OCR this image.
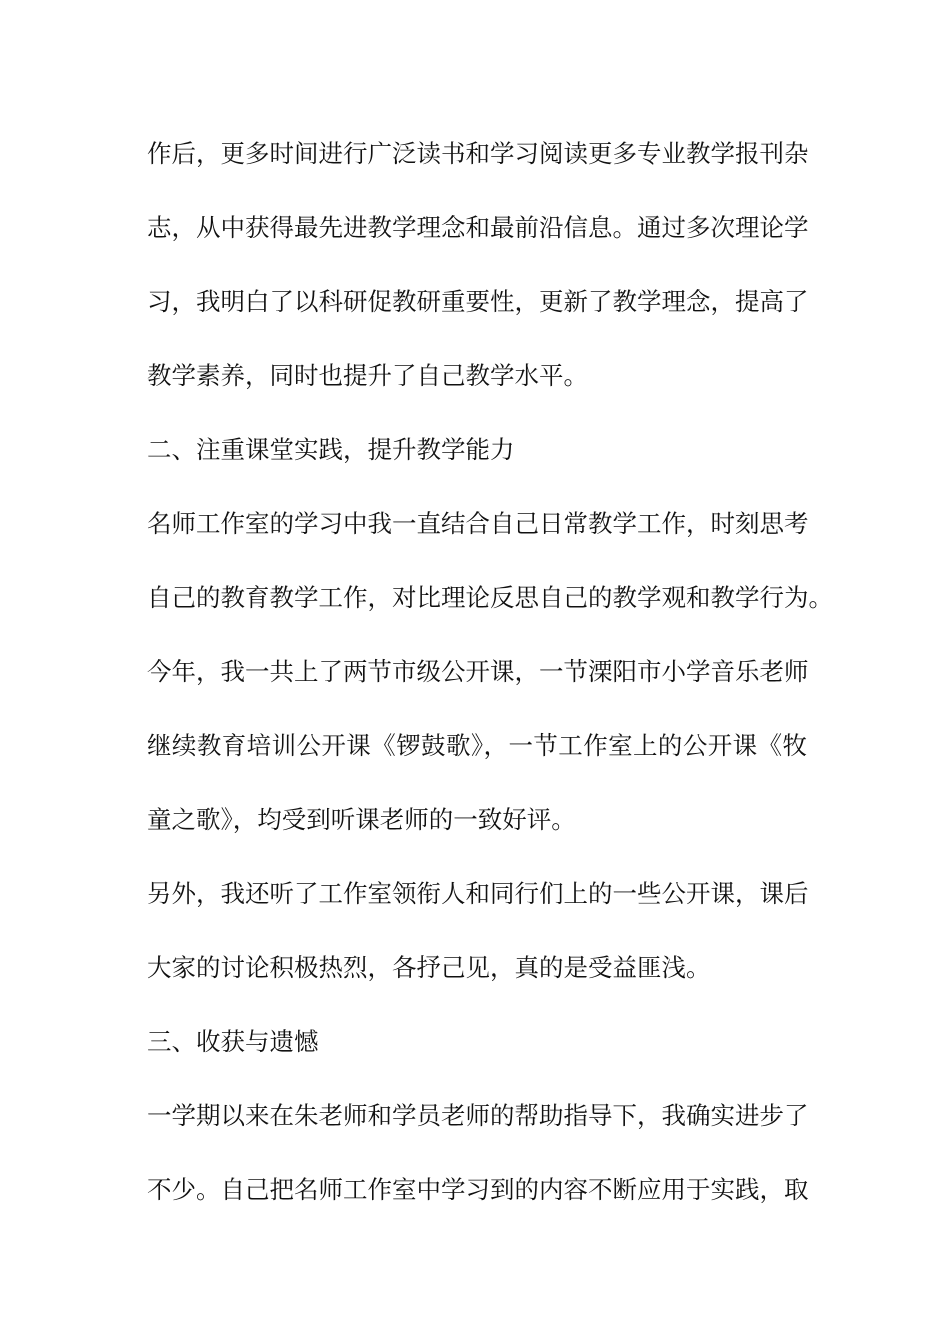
作后，更多时间进行广泛读书和学习阅读更多专业教学报刊杂
志，从中获得最先进教学理念和最前沿信息。通过多次理论学
习，我明白了以科研促教研重要性，更新了教学理念，提高了
教学素养，同时也提升了自己教学水平。
二、注重课堂实践，提升教学能力
名师工作室的学习中我一直结合自己日常教学工作，时刻思考
自己的教育教学工作，对比理论反思自己的教学观和教学行为。
今年，我一共上了两节市级公开课，一节溧阳市小学音乐老师
继续教育培训公开课《锣鼓歌》，一节工作室上的公开课《牧
童之歌》，均受到听课老师的一致好评。
另外，我还听了工作室领衔人和同行们上的一些公开课，课后
大家的讨论积极热烈，各抒己见，真的是受益匪浅。
三、收获与遗憾
一学期以来在朱老师和学员老师的帮助指导下，我确实进步了
不少。自己把名师工作室中学习到的内容不断应用于实践，取
